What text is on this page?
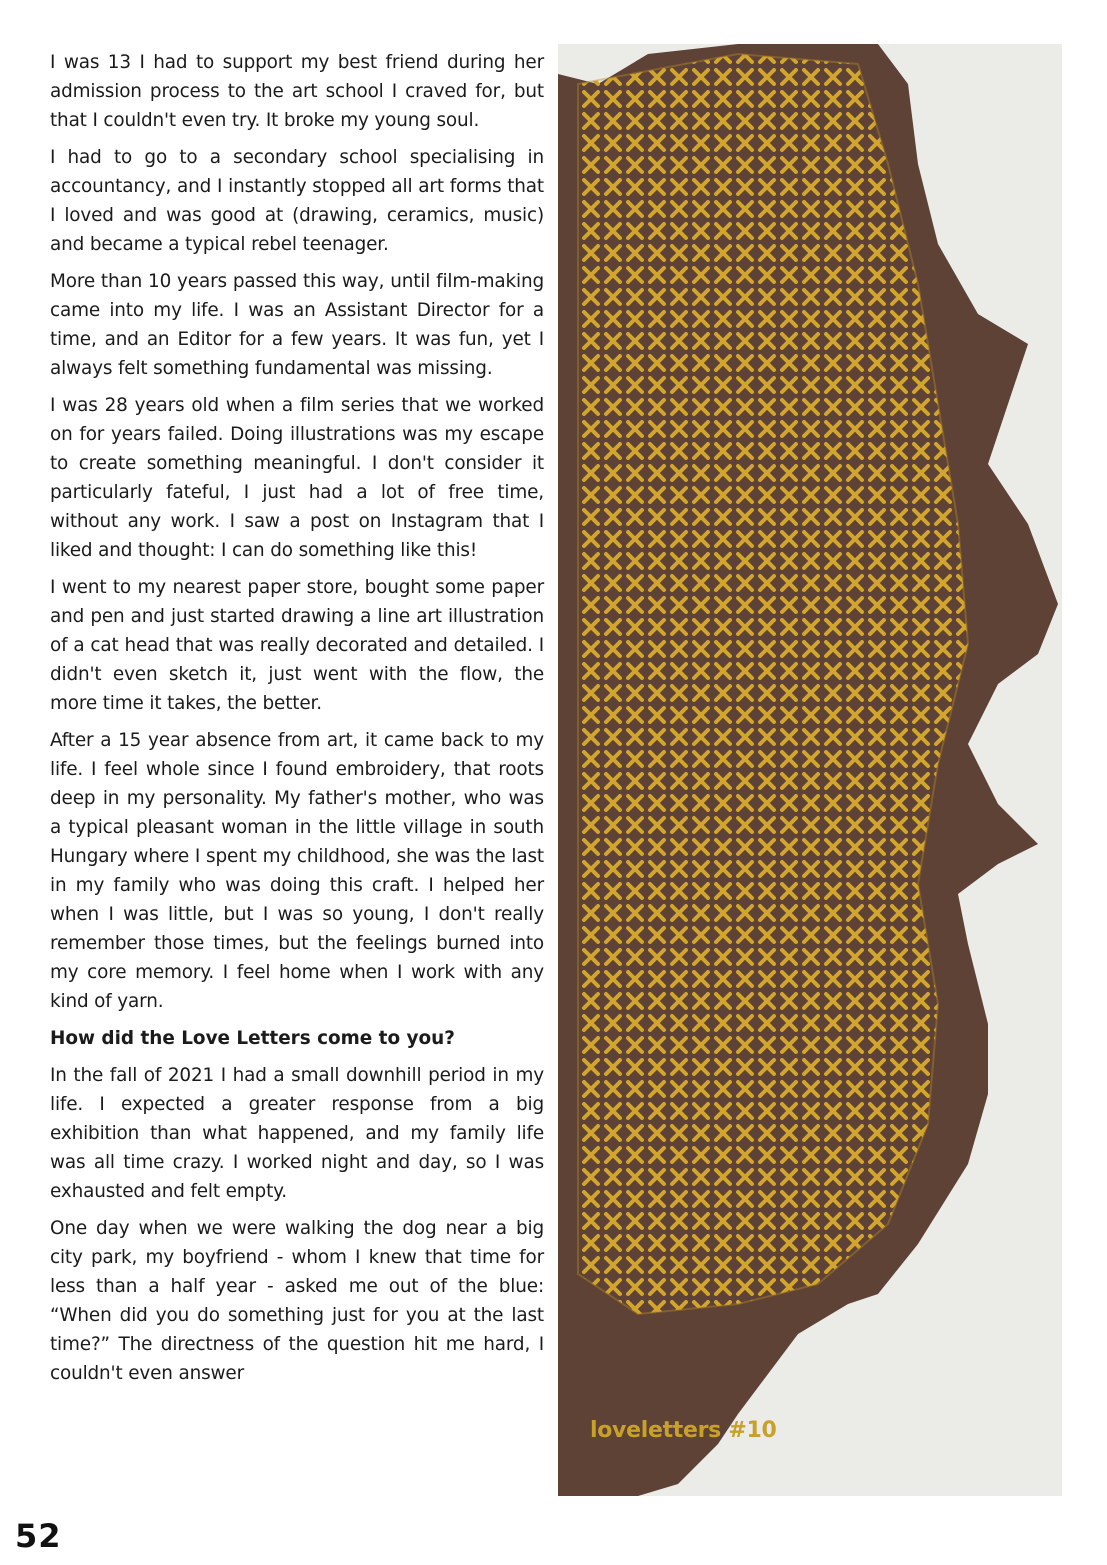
I was 13 I had to support my best friend during her admission process to the art school I craved for, but that I couldn't even try. It broke my young soul.

I had to go to a secondary school specialising in accountancy, and I instantly stopped all art forms that I loved and was good at (drawing, ceramics, music) and became a typical rebel teenager.

More than 10 years passed this way, until film-making came into my life. I was an Assistant Director for a time, and an Editor for a few years. It was fun, yet I always felt something fundamental was missing.

I was 28 years old when a film series that we worked on for years failed. Doing illustrations was my escape to create something meaningful. I don't consider it particularly fateful, I just had a lot of free time, without any work. I saw a post on Instagram that I liked and thought: I can do something like this!

I went to my nearest paper store, bought some paper and pen and just started drawing a line art illustration of a cat head that was really decorated and detailed. I didn't even sketch it, just went with the flow, the more time it takes, the better.

After a 15 year absence from art, it came back to my life. I feel whole since I found embroidery, that roots deep in my personality. My father's mother, who was a typical pleasant woman in the little village in south Hungary where I spent my childhood, she was the last in my family who was doing this craft. I helped her when I was little, but I was so young, I don't really remember those times, but the feelings burned into my core memory. I feel home when I work with any kind of yarn.

How did the Love Letters come to you?

In the fall of 2021 I had a small downhill period in my life. I expected a greater response from a big exhibition than what happened, and my family life was all time crazy. I worked night and day, so I was exhausted and felt empty.

One day when we were walking the dog near a big city park, my boyfriend - whom I knew that time for less than a half year - asked me out of the blue: “When did you do something just for you at the last time?” The directness of the question hit me hard, I couldn't even answer

loveletters #10
52
